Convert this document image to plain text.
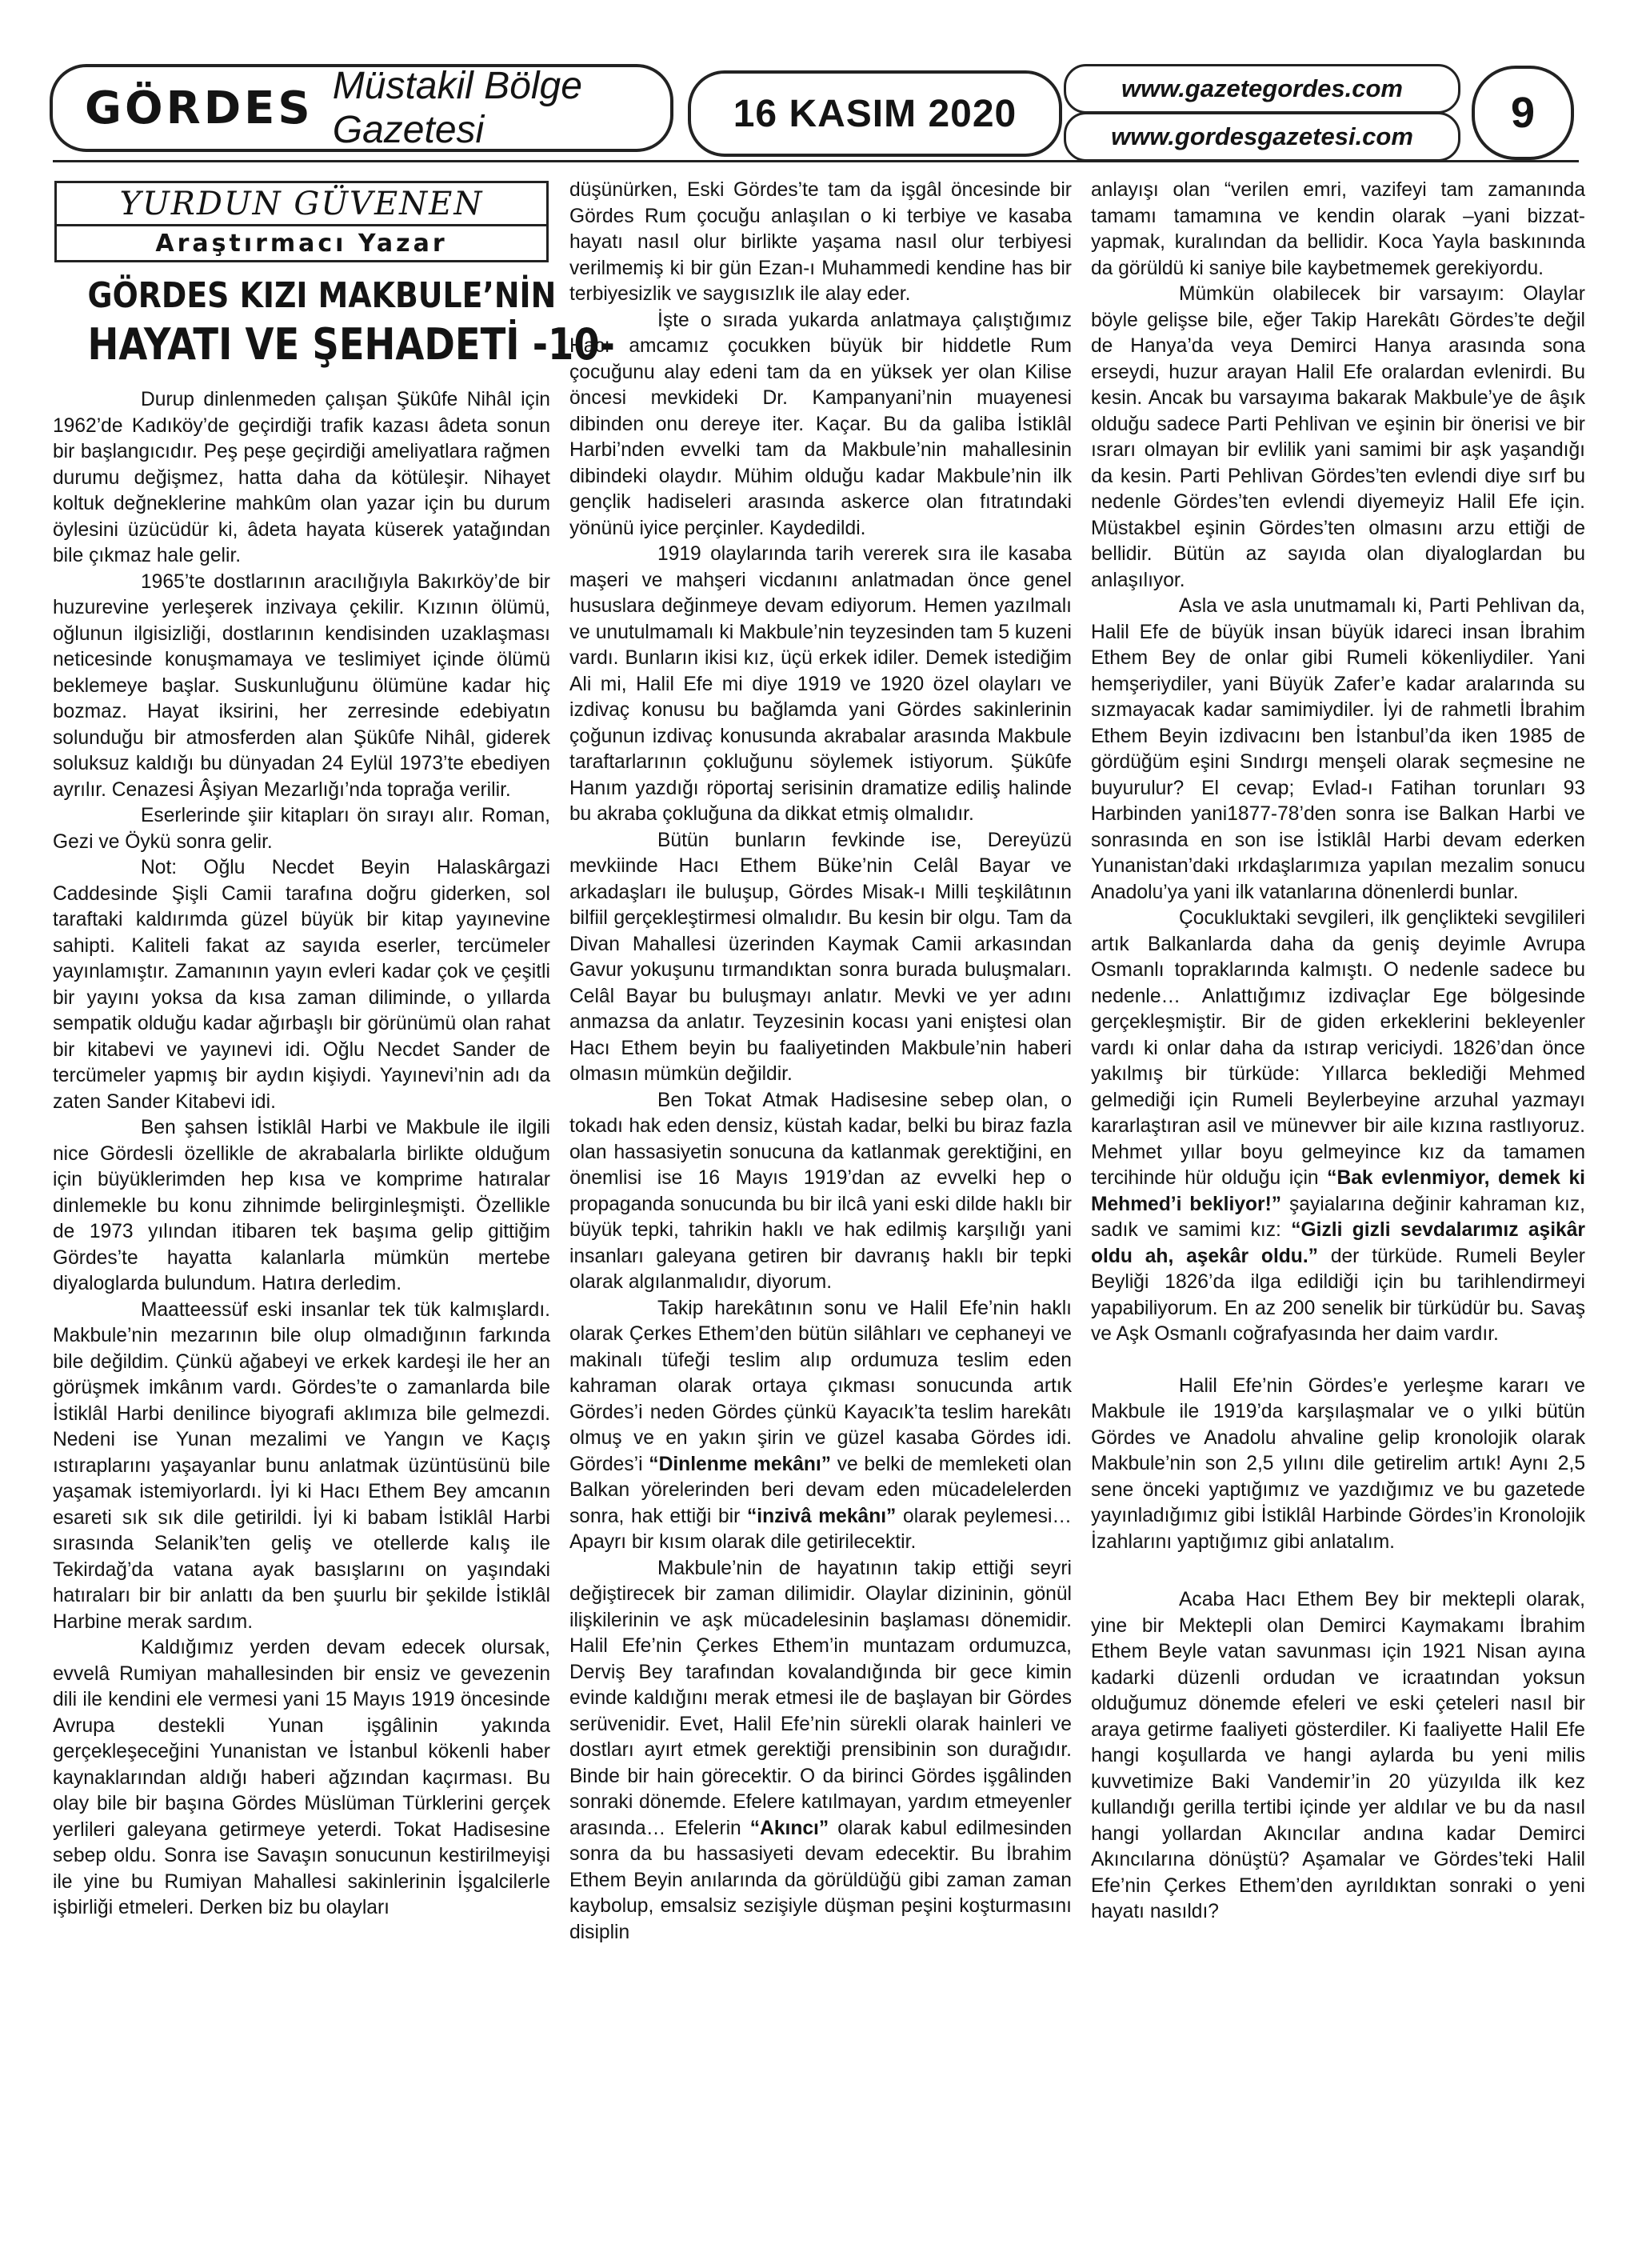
GÖRDES Müstakil Bölge Gazetesi	16 KASIM 2020
www.gazetegordes.com
www.gordesgazetesi.com 9
YURDUN GÜVENEN
Araştırmacı Yazar
GÖRDES KIZI MAKBULE’NİN
HAYATI VE ŞEHADETİ -10-

Durup dinlenmeden çalışan Şükûfe Nihâl için 1962’de Kadıköy’de geçirdiği trafik kazası âdeta sonun bir başlangıcıdır. Peş peşe geçirdiği ameliyatlara rağmen durumu değişmez, hatta daha da kötüleşir. Nihayet koltuk değneklerine mahkûm olan yazar için bu durum öylesini üzücüdür ki, âdeta hayata küserek yatağından bile çıkmaz hale gelir.

1965’te dostlarının aracılığıyla Bakırköy’de bir huzurevine yerleşerek inzivaya çekilir. Kızının ölümü, oğlunun ilgisizliği, dostlarının kendisinden uzaklaşması neticesinde konuşmamaya ve teslimiyet içinde ölümü beklemeye başlar. Suskunluğunu ölümüne kadar hiç bozmaz. Hayat iksirini, her zerresinde edebiyatın solunduğu bir atmosferden alan Şükûfe Nihâl, giderek soluksuz kaldığı bu dünyadan 24 Eylül 1973’te ebediyen ayrılır. Cenazesi Âşiyan Mezarlığı’nda toprağa verilir.

Eserlerinde şiir kitapları ön sırayı alır. Roman, Gezi ve Öykü sonra gelir.

Not: Oğlu Necdet Beyin Halaskârgazi Caddesinde Şişli Camii tarafına doğru giderken, sol taraftaki kaldırımda güzel büyük bir kitap yayınevine sahipti. Kaliteli fakat az sayıda eserler, tercümeler yayınlamıştır. Zamanının yayın evleri kadar çok ve çeşitli bir yayını yoksa da kısa zaman diliminde, o yıllarda sempatik olduğu kadar ağırbaşlı bir görünümü olan rahat bir kitabevi ve yayınevi idi. Oğlu Necdet Sander de tercümeler yapmış bir aydın kişiydi. Yayınevi’nin adı da zaten Sander Kitabevi idi.

Ben şahsen İstiklâl Harbi ve Makbule ile ilgili nice Gördesli özellikle de akrabalarla birlikte olduğum için büyüklerimden hep kısa ve komprime hatıralar dinlemekle bu konu zihnimde belirginleşmişti. Özellikle de 1973 yılından itibaren tek başıma gelip gittiğim Gördes’te hayatta kalanlarla mümkün mertebe diyaloglarda bulundum. Hatıra derledim.

Maatteessüf eski insanlar tek tük kalmışlardı. Makbule’nin mezarının bile olup olmadığının farkında bile değildim. Çünkü ağabeyi ve erkek kardeşi ile her an görüşmek imkânım vardı. Gördes’te o zamanlarda bile İstiklâl Harbi denilince biyografi aklımıza bile gelmezdi. Nedeni ise Yunan mezalimi ve Yangın ve Kaçış ıstıraplarını yaşayanlar bunu anlatmak üzüntüsünü bile yaşamak istemiyorlardı. İyi ki Hacı Ethem Bey amcanın esareti sık sık dile getirildi. İyi ki babam İstiklâl Harbi sırasında Selanik’ten geliş ve otellerde kalış ile Tekirdağ’da vatana ayak basışlarını on yaşındaki hatıraları bir bir anlattı da ben şuurlu bir şekilde İstiklâl Harbine merak sardım.

Kaldığımız yerden devam edecek olursak, evvelâ Rumiyan mahallesinden bir ensiz ve gevezenin dili ile kendini ele vermesi yani 15 Mayıs 1919 öncesinde Avrupa destekli Yunan işgâlinin yakında gerçekleşeceğini Yunanistan ve İstanbul kökenli haber kaynaklarından aldığı haberi ağzından kaçırması. Bu olay bile bir başına Gördes Müslüman Türklerini gerçek yerlileri galeyana getirmeye yeterdi. Tokat Hadisesine sebep oldu. Sonra ise Savaşın sonucunun kestirilmeyişi ile yine bu Rumiyan Mahallesi sakinlerinin İşgalcilerle işbirliği etmeleri. Derken biz bu olayları

düşünürken, Eski Gördes’te tam da işgâl öncesinde bir Gördes Rum çocuğu anlaşılan o ki terbiye ve kasaba hayatı nasıl olur birlikte yaşama nasıl olur terbiyesi verilmemiş ki bir gün Ezan-ı Muhammedi kendine has bir terbiyesizlik ve saygısızlık ile alay eder.

İşte o sırada yukarda anlatmaya çalıştığımız Hacı amcamız çocukken büyük bir hiddetle Rum çocuğunu alay edeni tam da en yüksek yer olan Kilise öncesi mevkideki Dr. Kampanyani’nin muayenesi dibinden onu dereye iter. Kaçar. Bu da galiba İstiklâl Harbi’nden evvelki tam da Makbule’nin mahallesinin dibindeki olaydır. Mühim olduğu kadar Makbule’nin ilk gençlik hadiseleri arasında askerce olan fıtratındaki yönünü iyice perçinler. Kaydedildi.

1919 olaylarında tarih vererek sıra ile kasaba maşeri ve mahşeri vicdanını anlatmadan önce genel hususlara değinmeye devam ediyorum. Hemen yazılmalı ve unutulmamalı ki Makbule’nin teyzesinden tam 5 kuzeni vardı. Bunların ikisi kız, üçü erkek idiler. Demek istediğim Ali mi, Halil Efe mi diye 1919 ve 1920 özel olayları ve izdivaç konusu bu bağlamda yani Gördes sakinlerinin çoğunun izdivaç konusunda akrabalar arasında Makbule taraftarlarının çokluğunu söylemek istiyorum. Şükûfe Hanım yazdığı röportaj serisinin dramatize ediliş halinde bu akraba çokluğuna da dikkat etmiş olmalıdır.

Bütün bunların fevkinde ise, Dereyüzü mevkiinde Hacı Ethem Büke’nin Celâl Bayar ve arkadaşları ile buluşup, Gördes Misak-ı Milli teşkilâtının bilfiil gerçekleştirmesi olmalıdır. Bu kesin bir olgu. Tam da Divan Mahallesi üzerinden Kaymak Camii arkasından Gavur yokuşunu tırmandıktan sonra burada buluşmaları. Celâl Bayar bu buluşmayı anlatır. Mevki ve yer adını anmazsa da anlatır. Teyzesinin kocası yani eniştesi olan Hacı Ethem beyin bu faaliyetinden Makbule’nin haberi olmasın mümkün değildir.

Ben Tokat Atmak Hadisesine sebep olan, o tokadı hak eden densiz, küstah kadar, belki bu biraz fazla olan hassasiyetin sonucuna da katlanmak gerektiğini, en önemlisi ise 16 Mayıs 1919’dan az evvelki hep o propaganda sonucunda bu bir ilcâ yani eski dilde haklı bir büyük tepki, tahrikin haklı ve hak edilmiş karşılığı yani insanları galeyana getiren bir davranış haklı bir tepki olarak algılanmalıdır, diyorum.

Takip harekâtının sonu ve Halil Efe’nin haklı olarak Çerkes Ethem’den bütün silâhları ve cephaneyi ve makinalı tüfeği teslim alıp ordumuza teslim eden kahraman olarak ortaya çıkması sonucunda artık Gördes’i neden Gördes çünkü Kayacık’ta teslim harekâtı olmuş ve en yakın şirin ve güzel kasaba Gördes idi. Gördes’i “Dinlenme mekânı” ve belki de memleketi olan Balkan yörelerinden beri devam eden mücadelelerden sonra, hak ettiği bir “inzivâ mekânı” olarak peylemesi… Apayrı bir kısım olarak dile getirilecektir.

Makbule’nin de hayatının takip ettiği seyri değiştirecek bir zaman dilimidir. Olaylar dizininin, gönül ilişkilerinin ve aşk mücadelesinin başlaması dönemidir. Halil Efe’nin Çerkes Ethem’in muntazam ordumuzca, Derviş Bey tarafından kovalandığında bir gece kimin evinde kaldığını merak etmesi ile de başlayan bir Gördes serüvenidir. Evet, Halil Efe’nin sürekli olarak hainleri ve dostları ayırt etmek gerektiği prensibinin son durağıdır. Binde bir hain görecektir. O da birinci Gördes işgâlinden sonraki dönemde. Efelere katılmayan, yardım etmeyenler arasında… Efelerin “Akıncı” olarak kabul edilmesinden sonra da bu hassasiyeti devam edecektir. Bu İbrahim Ethem Beyin anılarında da görüldüğü gibi zaman zaman kaybolup, emsalsiz sezişiyle düşman peşini koşturmasını disiplin

anlayışı olan “verilen emri, vazifeyi tam zamanında tamamı tamamına ve kendin olarak –yani bizzat- yapmak, kuralından da bellidir. Koca Yayla baskınında da görüldü ki saniye bile kaybetmemek gerekiyordu.

Mümkün olabilecek bir varsayım: Olaylar böyle gelişse bile, eğer Takip Harekâtı Gördes’te değil de Hanya’da veya Demirci Hanya arasında sona erseydi, huzur arayan Halil Efe oralardan evlenirdi. Bu kesin. Ancak bu varsayıma bakarak Makbule’ye de âşık olduğu sadece Parti Pehlivan ve eşinin bir önerisi ve bir ısrarı olmayan bir evlilik yani samimi bir aşk yaşandığı da kesin. Parti Pehlivan Gördes’ten evlendi diye sırf bu nedenle Gördes’ten evlendi diyemeyiz Halil Efe için. Müstakbel eşinin Gördes’ten olmasını arzu ettiği de bellidir. Bütün az sayıda olan diyaloglardan bu anlaşılıyor.

Asla ve asla unutmamalı ki, Parti Pehlivan da, Halil Efe de büyük insan büyük idareci insan İbrahim Ethem Bey de onlar gibi Rumeli kökenliydiler. Yani hemşeriydiler, yani Büyük Zafer’e kadar aralarında su sızmayacak kadar samimiydiler. İyi de rahmetli İbrahim Ethem Beyin izdivacını ben İstanbul’da iken 1985 de gördüğüm eşini Sındırgı menşeli olarak seçmesine ne buyurulur? El cevap; Evlad-ı Fatihan torunları 93 Harbinden yani1877-78’den sonra ise Balkan Harbi ve sonrasında en son ise İstiklâl Harbi devam ederken Yunanistan’daki ırkdaşlarımıza yapılan mezalim sonucu Anadolu’ya yani ilk vatanlarına dönenlerdi bunlar.

Çocukluktaki sevgileri, ilk gençlikteki sevgilileri artık Balkanlarda daha da geniş deyimle Avrupa Osmanlı topraklarında kalmıştı. O nedenle sadece bu nedenle… Anlattığımız izdivaçlar Ege bölgesinde gerçekleşmiştir. Bir de giden erkeklerini bekleyenler vardı ki onlar daha da ıstırap vericiydi. 1826’dan önce yakılmış bir türküde: Yıllarca beklediği Mehmed gelmediği için Rumeli Beylerbeyine arzuhal yazmayı kararlaştıran asil ve münevver bir aile kızına rastlıyoruz. Mehmet yıllar boyu gelmeyince kız da tamamen tercihinde hür olduğu için “Bak evlenmiyor, demek ki Mehmed’i bekliyor!” şayialarına değinir kahraman kız, sadık ve samimi kız: “Gizli gizli sevdalarımız aşikâr oldu ah, aşekâr oldu.” der türküde. Rumeli Beyler Beyliği 1826’da ilga edildiği için bu tarihlendirmeyi yapabiliyorum. En az 200 senelik bir türküdür bu. Savaş ve Aşk Osmanlı coğrafyasında her daim vardır.

Halil Efe’nin Gördes’e yerleşme kararı ve Makbule ile 1919’da karşılaşmalar ve o yılki bütün Gördes ve Anadolu ahvaline gelip kronolojik olarak Makbule’nin son 2,5 yılını dile getirelim artık! Aynı 2,5 sene önceki yaptığımız ve yazdığımız ve bu gazetede yayınladığımız gibi İstiklâl Harbinde Gördes’in Kronolojik İzahlarını yaptığımız gibi anlatalım.

Acaba Hacı Ethem Bey bir mektepli olarak, yine bir Mektepli olan Demirci Kaymakamı İbrahim Ethem Beyle vatan savunması için 1921 Nisan ayına kadarki düzenli ordudan ve icraatından yoksun olduğumuz dönemde efeleri ve eski çeteleri nasıl bir araya getirme faaliyeti gösterdiler. Ki faaliyette Halil Efe hangi koşullarda ve hangi aylarda bu yeni milis kuvvetimize Baki Vandemir’in 20 yüzyılda ilk kez kullandığı gerilla tertibi içinde yer aldılar ve bu da nasıl hangi yollardan Akıncılar andına kadar Demirci Akıncılarına dönüştü? Aşamalar ve Gördes’teki Halil Efe’nin Çerkes Ethem’den ayrıldıktan sonraki o yeni hayatı nasıldı?
